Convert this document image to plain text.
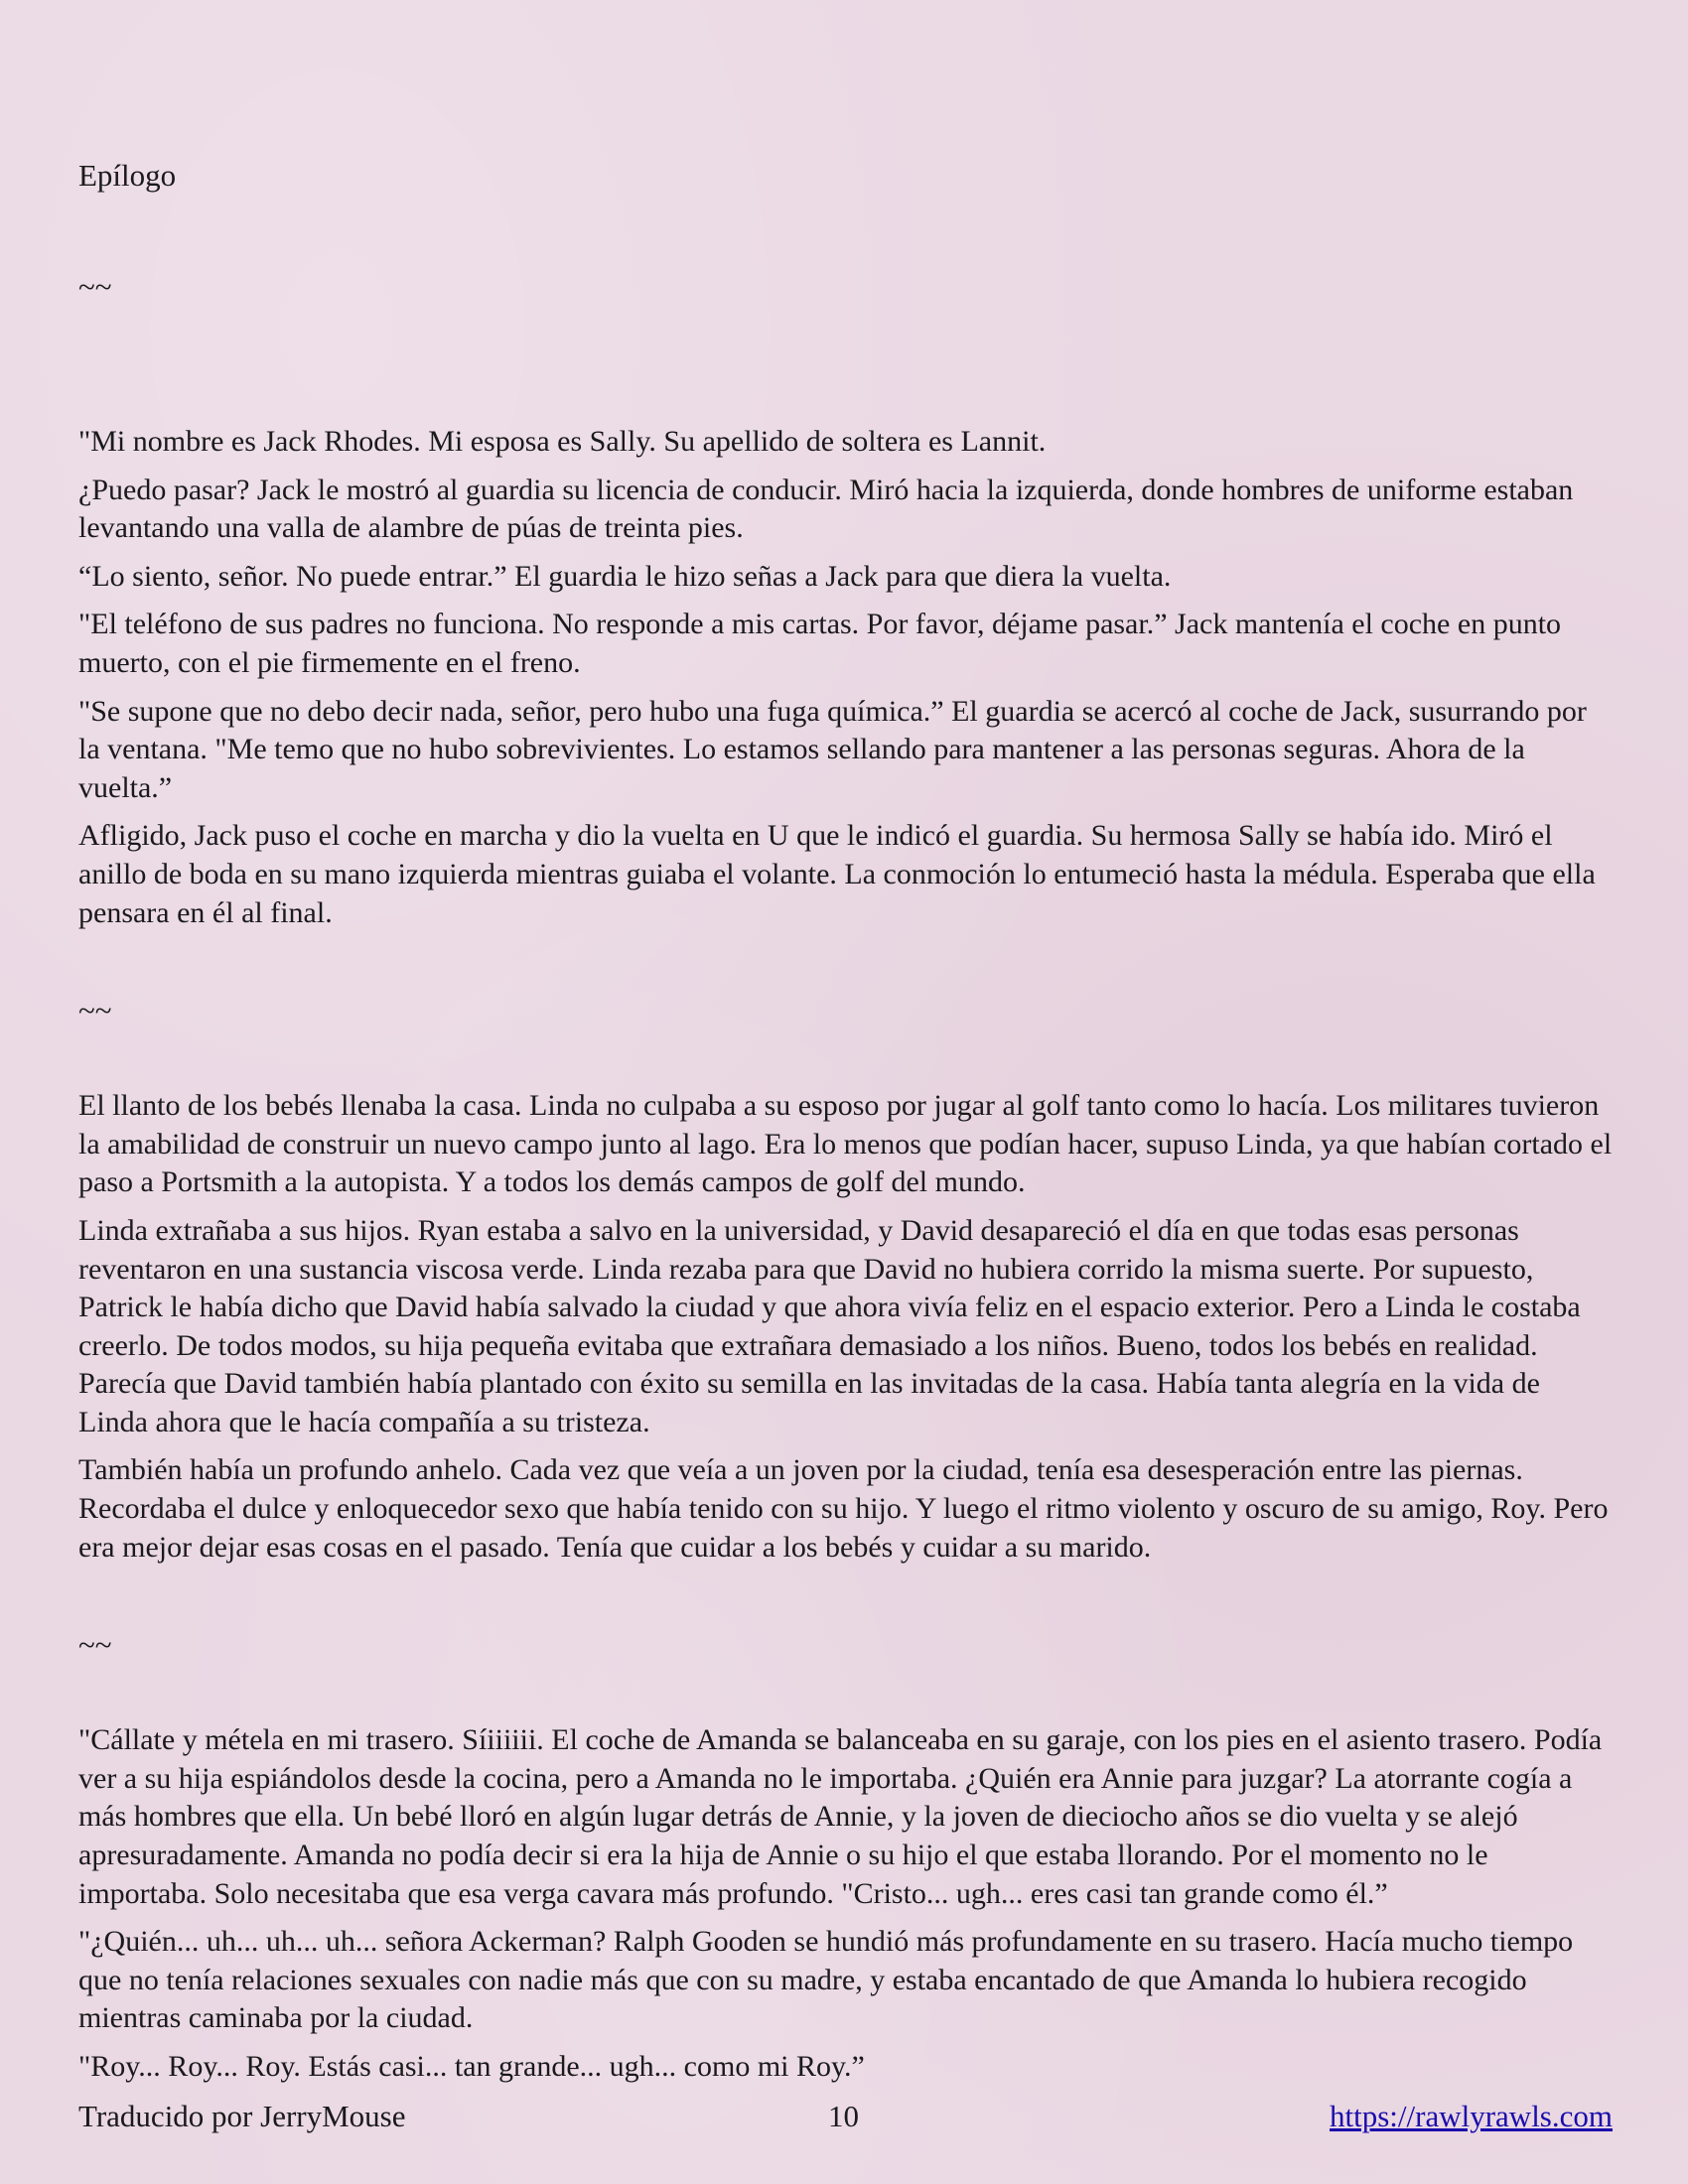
Epílogo
~~

"Mi nombre es Jack Rhodes. Mi esposa es Sally. Su apellido de soltera es Lannit.

¿Puedo pasar? Jack le mostró al guardia su licencia de conducir. Miró hacia la izquierda, donde hombres de uniforme estaban levantando una valla de alambre de púas de treinta pies.

“Lo siento, señor. No puede entrar.” El guardia le hizo señas a Jack para que diera la vuelta.

"El teléfono de sus padres no funciona. No responde a mis cartas. Por favor, déjame pasar.” Jack mantenía el coche en punto muerto, con el pie firmemente en el freno.

"Se supone que no debo decir nada, señor, pero hubo una fuga química.” El guardia se acercó al coche de Jack, susurrando por la ventana. "Me temo que no hubo sobrevivientes. Lo estamos sellando para mantener a las personas seguras. Ahora de la vuelta.”

Afligido, Jack puso el coche en marcha y dio la vuelta en U que le indicó el guardia. Su hermosa Sally se había ido. Miró el anillo de boda en su mano izquierda mientras guiaba el volante. La conmoción lo entumeció hasta la médula. Esperaba que ella pensara en él al final.

~~

El llanto de los bebés llenaba la casa. Linda no culpaba a su esposo por jugar al golf tanto como lo hacía. Los militares tuvieron la amabilidad de construir un nuevo campo junto al lago. Era lo menos que podían hacer, supuso Linda, ya que habían cortado el paso a Portsmith a la autopista. Y a todos los demás campos de golf del mundo.

Linda extrañaba a sus hijos. Ryan estaba a salvo en la universidad, y David desapareció el día en que todas esas personas reventaron en una sustancia viscosa verde. Linda rezaba para que David no hubiera corrido la misma suerte. Por supuesto, Patrick le había dicho que David había salvado la ciudad y que ahora vivía feliz en el espacio exterior. Pero a Linda le costaba creerlo. De todos modos, su hija pequeña evitaba que extrañara demasiado a los niños. Bueno, todos los bebés en realidad. Parecía que David también había plantado con éxito su semilla en las invitadas de la casa. Había tanta alegría en la vida de Linda ahora que le hacía compañía a su tristeza.

También había un profundo anhelo. Cada vez que veía a un joven por la ciudad, tenía esa desesperación entre las piernas. Recordaba el dulce y enloquecedor sexo que había tenido con su hijo. Y luego el ritmo violento y oscuro de su amigo, Roy. Pero era mejor dejar esas cosas en el pasado. Tenía que cuidar a los bebés y cuidar a su marido.

~~

"Cállate y métela en mi trasero. Síiiiiii. El coche de Amanda se balanceaba en su garaje, con los pies en el asiento trasero. Podía ver a su hija espiándolos desde la cocina, pero a Amanda no le importaba. ¿Quién era Annie para juzgar? La atorrante cogía a más hombres que ella. Un bebé lloró en algún lugar detrás de Annie, y la joven de dieciocho años se dio vuelta y se alejó apresuradamente. Amanda no podía decir si era la hija de Annie o su hijo el que estaba llorando. Por el momento no le importaba. Solo necesitaba que esa verga cavara más profundo. "Cristo... ugh... eres casi tan grande como él.”

"¿Quién... uh... uh... uh... señora Ackerman? Ralph Gooden se hundió más profundamente en su trasero. Hacía mucho tiempo que no tenía relaciones sexuales con nadie más que con su madre, y estaba encantado de que Amanda lo hubiera recogido mientras caminaba por la ciudad.

"Roy... Roy... Roy. Estás casi... tan grande... ugh... como mi Roy.”

Traducido por JerryMouse	10	https://rawlyrawls.com
